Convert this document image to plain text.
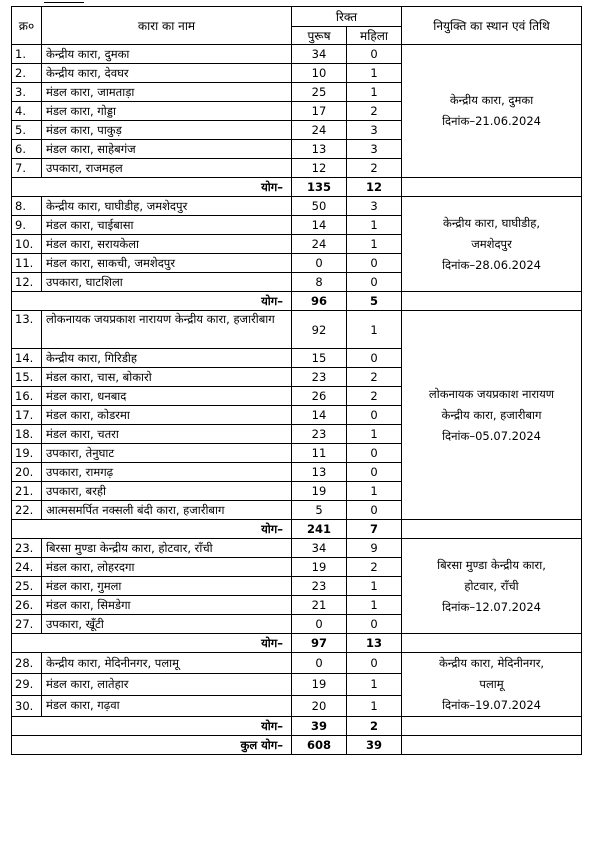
क्र०	कारा का नाम	रिक्त		नियुक्ति का स्थान एवं तिथि
		पुरूष	महिला	
1.	केन्द्रीय कारा, दुमका	34	0	केन्द्रीय कारा, दुमका
दिनांक–21.06.2024

2.	केन्द्रीय कारा, देवघर	10	1	
3.	मंडल कारा, जामताड़ा	25	1	
4.	मंडल कारा, गोड्डा	17	2	
5.	मंडल कारा, पाकुड़	24	3	
6.	मंडल कारा, साहेबगंज	13	3	
7.	उपकारा, राजमहल	12	2	
योग–		135	12	
8.	केन्द्रीय कारा, घाघीडीह, जमशेदपुर	50	3	केन्द्रीय कारा, घाघीडीह,
जमशेदपुर
दिनांक–28.06.2024

9.	मंडल कारा, चाईबासा	14	1	
10.	मंडल कारा, सरायकेला	24	1	
11.	मंडल कारा, साकची, जमशेदपुर	0	0	
12.	उपकारा, घाटशिला	8	0	
योग–		96	5	
13.	लोकनायक जयप्रकाश नारायण केन्द्रीय कारा, हजारीबाग	92	1	लोकनायक जयप्रकाश नारायण
केन्द्रीय कारा, हजारीबाग
दिनांक–05.07.2024

14.	केन्द्रीय कारा, गिरिडीह	15	0	
15.	मंडल कारा, चास, बोकारो	23	2	
16.	मंडल कारा, धनबाद	26	2	
17.	मंडल कारा, कोडरमा	14	0	
18.	मंडल कारा, चतरा	23	1	
19.	उपकारा, तेनुघाट	11	0	
20.	उपकारा, रामगढ़	13	0	
21.	उपकारा, बरही	19	1	
22.	आत्मसमर्पित नक्सली बंदी कारा, हजारीबाग	5	0	
योग–		241	7	
23.	बिरसा मुण्डा केन्द्रीय कारा, होटवार, राँची	34	9	बिरसा मुण्डा केन्द्रीय कारा,
होटवार, राँची
दिनांक–12.07.2024

24.	मंडल कारा, लोहरदगा	19	2	
25.	मंडल कारा, गुमला	23	1	
26.	मंडल कारा, सिमडेगा	21	1	
27.	उपकारा, खूँटी	0	0	
योग–		97	13	
28.	केन्द्रीय कारा, मेदिनीनगर, पलामू	0	0	केन्द्रीय कारा, मेदिनीनगर,
पलामू
दिनांक–19.07.2024

29.	मंडल कारा, लातेहार	19	1	
30.	मंडल कारा, गढ़वा	20	1	
योग–		39	2	
कुल योग–		608	39	
